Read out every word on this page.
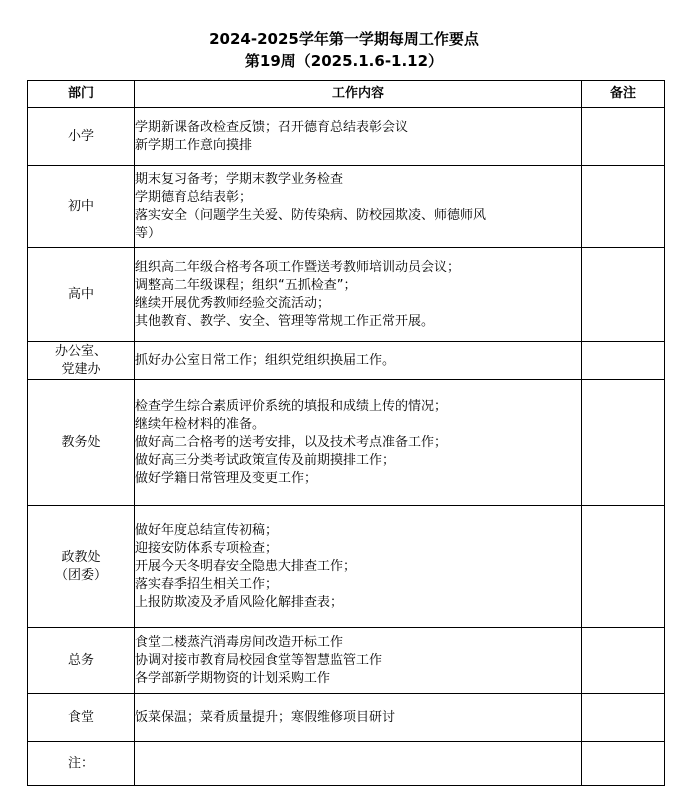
2024-2025学年第一学期每周工作要点
第19周（2025.1.6-1.12）
部门	工作内容	备注

小学	学期新课备改检查反馈；召开德育总结表彰会议
新学期工作意向摸排	

初中	期末复习备考；学期末教学业务检查
学期德育总结表彰；
落实安全（问题学生关爱、防传染病、防校园欺凌、师德师风
等）	

高中	组织高二年级合格考各项工作暨送考教师培训动员会议；
调整高二年级课程；组织“五抓检查”；
继续开展优秀教师经验交流活动；
其他教育、教学、安全、管理等常规工作正常开展。	

办公室、
党建办	抓好办公室日常工作；组织党组织换届工作。	

教务处	检查学生综合素质评价系统的填报和成绩上传的情况；
继续年检材料的准备。
做好高二合格考的送考安排，以及技术考点准备工作；
做好高三分类考试政策宣传及前期摸排工作；
做好学籍日常管理及变更工作；	

政教处
（团委）	做好年度总结宣传初稿；
迎接安防体系专项检查；
开展今天冬明春安全隐患大排查工作；
落实春季招生相关工作；
上报防欺凌及矛盾风险化解排查表；	

总务	食堂二楼蒸汽消毒房间改造开标工作
协调对接市教育局校园食堂等智慧监管工作
各学部新学期物资的计划采购工作	

食堂	饭菜保温；菜肴质量提升；寒假维修项目研讨	

注：		
